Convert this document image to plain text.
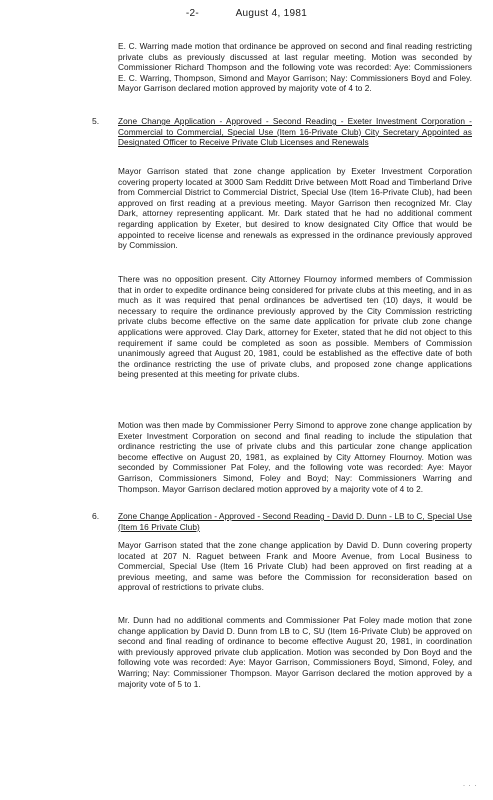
-2-	August 4, 1981

E. C. Warring made motion that ordinance be approved on second and final reading restricting private clubs as previously discussed at last regular meeting. Motion was seconded by Commissioner Richard Thompson and the following vote was recorded: Aye: Commissioners E. C. Warring, Thompson, Simond and Mayor Garrison; Nay: Commissioners Boyd and Foley. Mayor Garrison declared motion approved by majority vote of 4 to 2.

5. Zone Change Application - Approved - Second Reading - Exeter Investment Corporation - Commercial to Commercial, Special Use (Item 16-Private Club) City Secretary Appointed as Designated Officer to Receive Private Club Licenses and Renewals

Mayor Garrison stated that zone change application by Exeter Investment Corporation covering property located at 3000 Sam Redditt Drive between Mott Road and Timberland Drive from Commercial District to Commercial District, Special Use (Item 16-Private Club), had been approved on first reading at a previous meeting. Mayor Garrison then recognized Mr. Clay Dark, attorney representing applicant. Mr. Dark stated that he had no additional comment regarding application by Exeter, but desired to know designated City Office that would be appointed to receive license and renewals as expressed in the ordinance previously approved by Commission.

There was no opposition present. City Attorney Flournoy informed members of Commission that in order to expedite ordinance being considered for private clubs at this meeting, and in as much as it was required that penal ordinances be advertised ten (10) days, it would be necessary to require the ordinance previously approved by the City Commission restricting private clubs become effective on the same date application for private club zone change applications were approved. Clay Dark, attorney for Exeter, stated that he did not object to this requirement if same could be completed as soon as possible. Members of Commission unanimously agreed that August 20, 1981, could be established as the effective date of both the ordinance restricting the use of private clubs, and proposed zone change applications being presented at this meeting for private clubs.

Motion was then made by Commissioner Perry Simond to approve zone change application by Exeter Investment Corporation on second and final reading to include the stipulation that ordinance restricting the use of private clubs and this particular zone change application become effective on August 20, 1981, as explained by City Attorney Flournoy. Motion was seconded by Commissioner Pat Foley, and the following vote was recorded: Aye: Mayor Garrison, Commissioners Simond, Foley and Boyd; Nay: Commissioners Warring and Thompson. Mayor Garrison declared motion approved by a majority vote of 4 to 2.

6. Zone Change Application - Approved - Second Reading - David D. Dunn - LB to C, Special Use (Item 16 Private Club)

Mayor Garrison stated that the zone change application by David D. Dunn covering property located at 207 N. Raguet between Frank and Moore Avenue, from Local Business to Commercial, Special Use (Item 16 Private Club) had been approved on first reading at a previous meeting, and same was before the Commission for reconsideration based on approval of restrictions to private clubs.

Mr. Dunn had no additional comments and Commissioner Pat Foley made motion that zone change application by David D. Dunn from LB to C, SU (Item 16-Private Club) be approved on second and final reading of ordinance to become effective August 20, 1981, in coordination with previously approved private club application. Motion was seconded by Don Boyd and the following vote was recorded: Aye: Mayor Garrison, Commissioners Boyd, Simond, Foley, and Warring; Nay: Commissioner Thompson. Mayor Garrison declared the motion approved by a majority vote of 5 to 1.

· · ·
